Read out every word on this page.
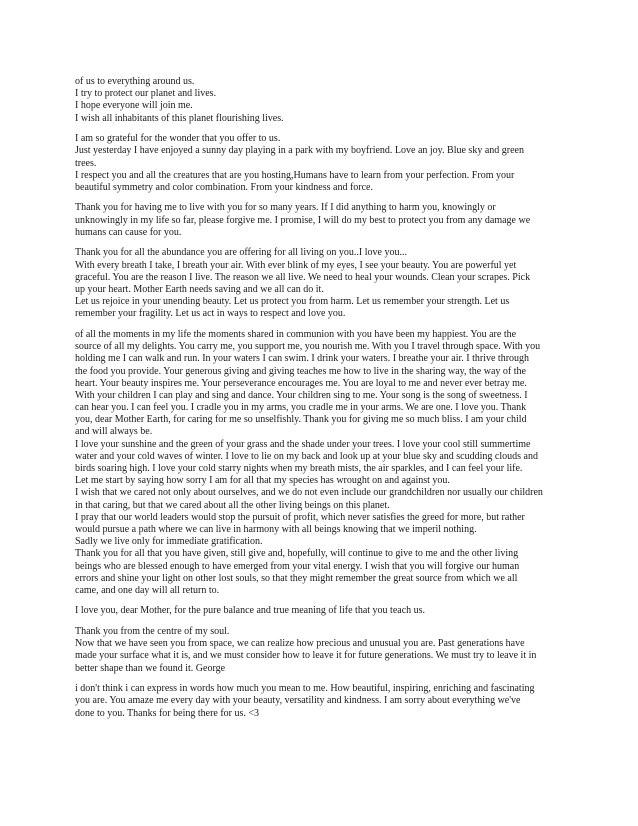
of us to everything around us.
I try to protect our planet and lives.
I hope everyone will join me.
I wish all inhabitants of this planet flourishing lives.
I am so grateful for the wonder that you offer to us.
Just yesterday I have enjoyed a sunny day playing in a park with my boyfriend. Love an joy. Blue sky and green
trees.
I respect you and all the creatures that are you hosting,Humans have to learn from your perfection. From your
beautiful symmetry and color combination. From your kindness and force.
Thank you for having me to live with you for so many years. If I did anything to harm you, knowingly or
unknowingly in my life so far, please forgive me. I promise, I will do my best to protect you from any damage we
humans can cause for you.
Thank you for all the abundance you are offering for all living on you..I love you...
With every breath I take, I breath your air. With ever blink of my eyes, I see your beauty. You are powerful yet
graceful. You are the reason I live. The reason we all live. We need to heal your wounds. Clean your scrapes. Pick
up your heart. Mother Earth needs saving and we all can do it.
Let us rejoice in your unending beauty. Let us protect you from harm. Let us remember your strength. Let us
remember your fragility. Let us act in ways to respect and love you.
of all the moments in my life the moments shared in communion with you have been my happiest. You are the
source of all my delights. You carry me, you support me, you nourish me. With you I travel through space. With you
holding me I can walk and run. In your waters I can swim. I drink your waters. I breathe your air. I thrive through
the food you provide. Your generous giving and giving teaches me how to live in the sharing way, the way of the
heart. Your beauty inspires me. Your perseverance encourages me. You are loyal to me and never ever betray me.
With your children I can play and sing and dance. Your children sing to me. Your song is the song of sweetness. I
can hear you. I can feel you. I cradle you in my arms, you cradle me in your arms. We are one. I love you. Thank
you, dear Mother Earth, for caring for me so unselfishly. Thank you for giving me so much bliss. I am your child
and will always be.
I love your sunshine and the green of your grass and the shade under your trees. I love your cool still summertime
water and your cold waves of winter. I love to lie on my back and look up at your blue sky and scudding clouds and
birds soaring high. I love your cold starry nights when my breath mists, the air sparkles, and I can feel your life.
Let me start by saying how sorry I am for all that my species has wrought on and against you.
I wish that we cared not only about ourselves, and we do not even include our grandchildren nor usually our children
in that caring, but that we cared about all the other living beings on this planet.
I pray that our world leaders would stop the pursuit of profit, which never satisfies the greed for more, but rather
would pursue a path where we can live in harmony with all beings knowing that we imperil nothing.
Sadly we live only for immediate gratification.
Thank you for all that you have given, still give and, hopefully, will continue to give to me and the other living
beings who are blessed enough to have emerged from your vital energy. I wish that you will forgive our human
errors and shine your light on other lost souls, so that they might remember the great source from which we all
came, and one day will all return to.
I love you, dear Mother, for the pure balance and true meaning of life that you teach us.
Thank you from the centre of my soul.
Now that we have seen you from space, we can realize how precious and unusual you are. Past generations have
made your surface what it is, and we must consider how to leave it for future generations. We must try to leave it in
better shape than we found it. George
i don't think i can express in words how much you mean to me. How beautiful, inspiring, enriching and fascinating
you are. You amaze me every day with your beauty, versatility and kindness. I am sorry about everything we've
done to you. Thanks for being there for us. <3
